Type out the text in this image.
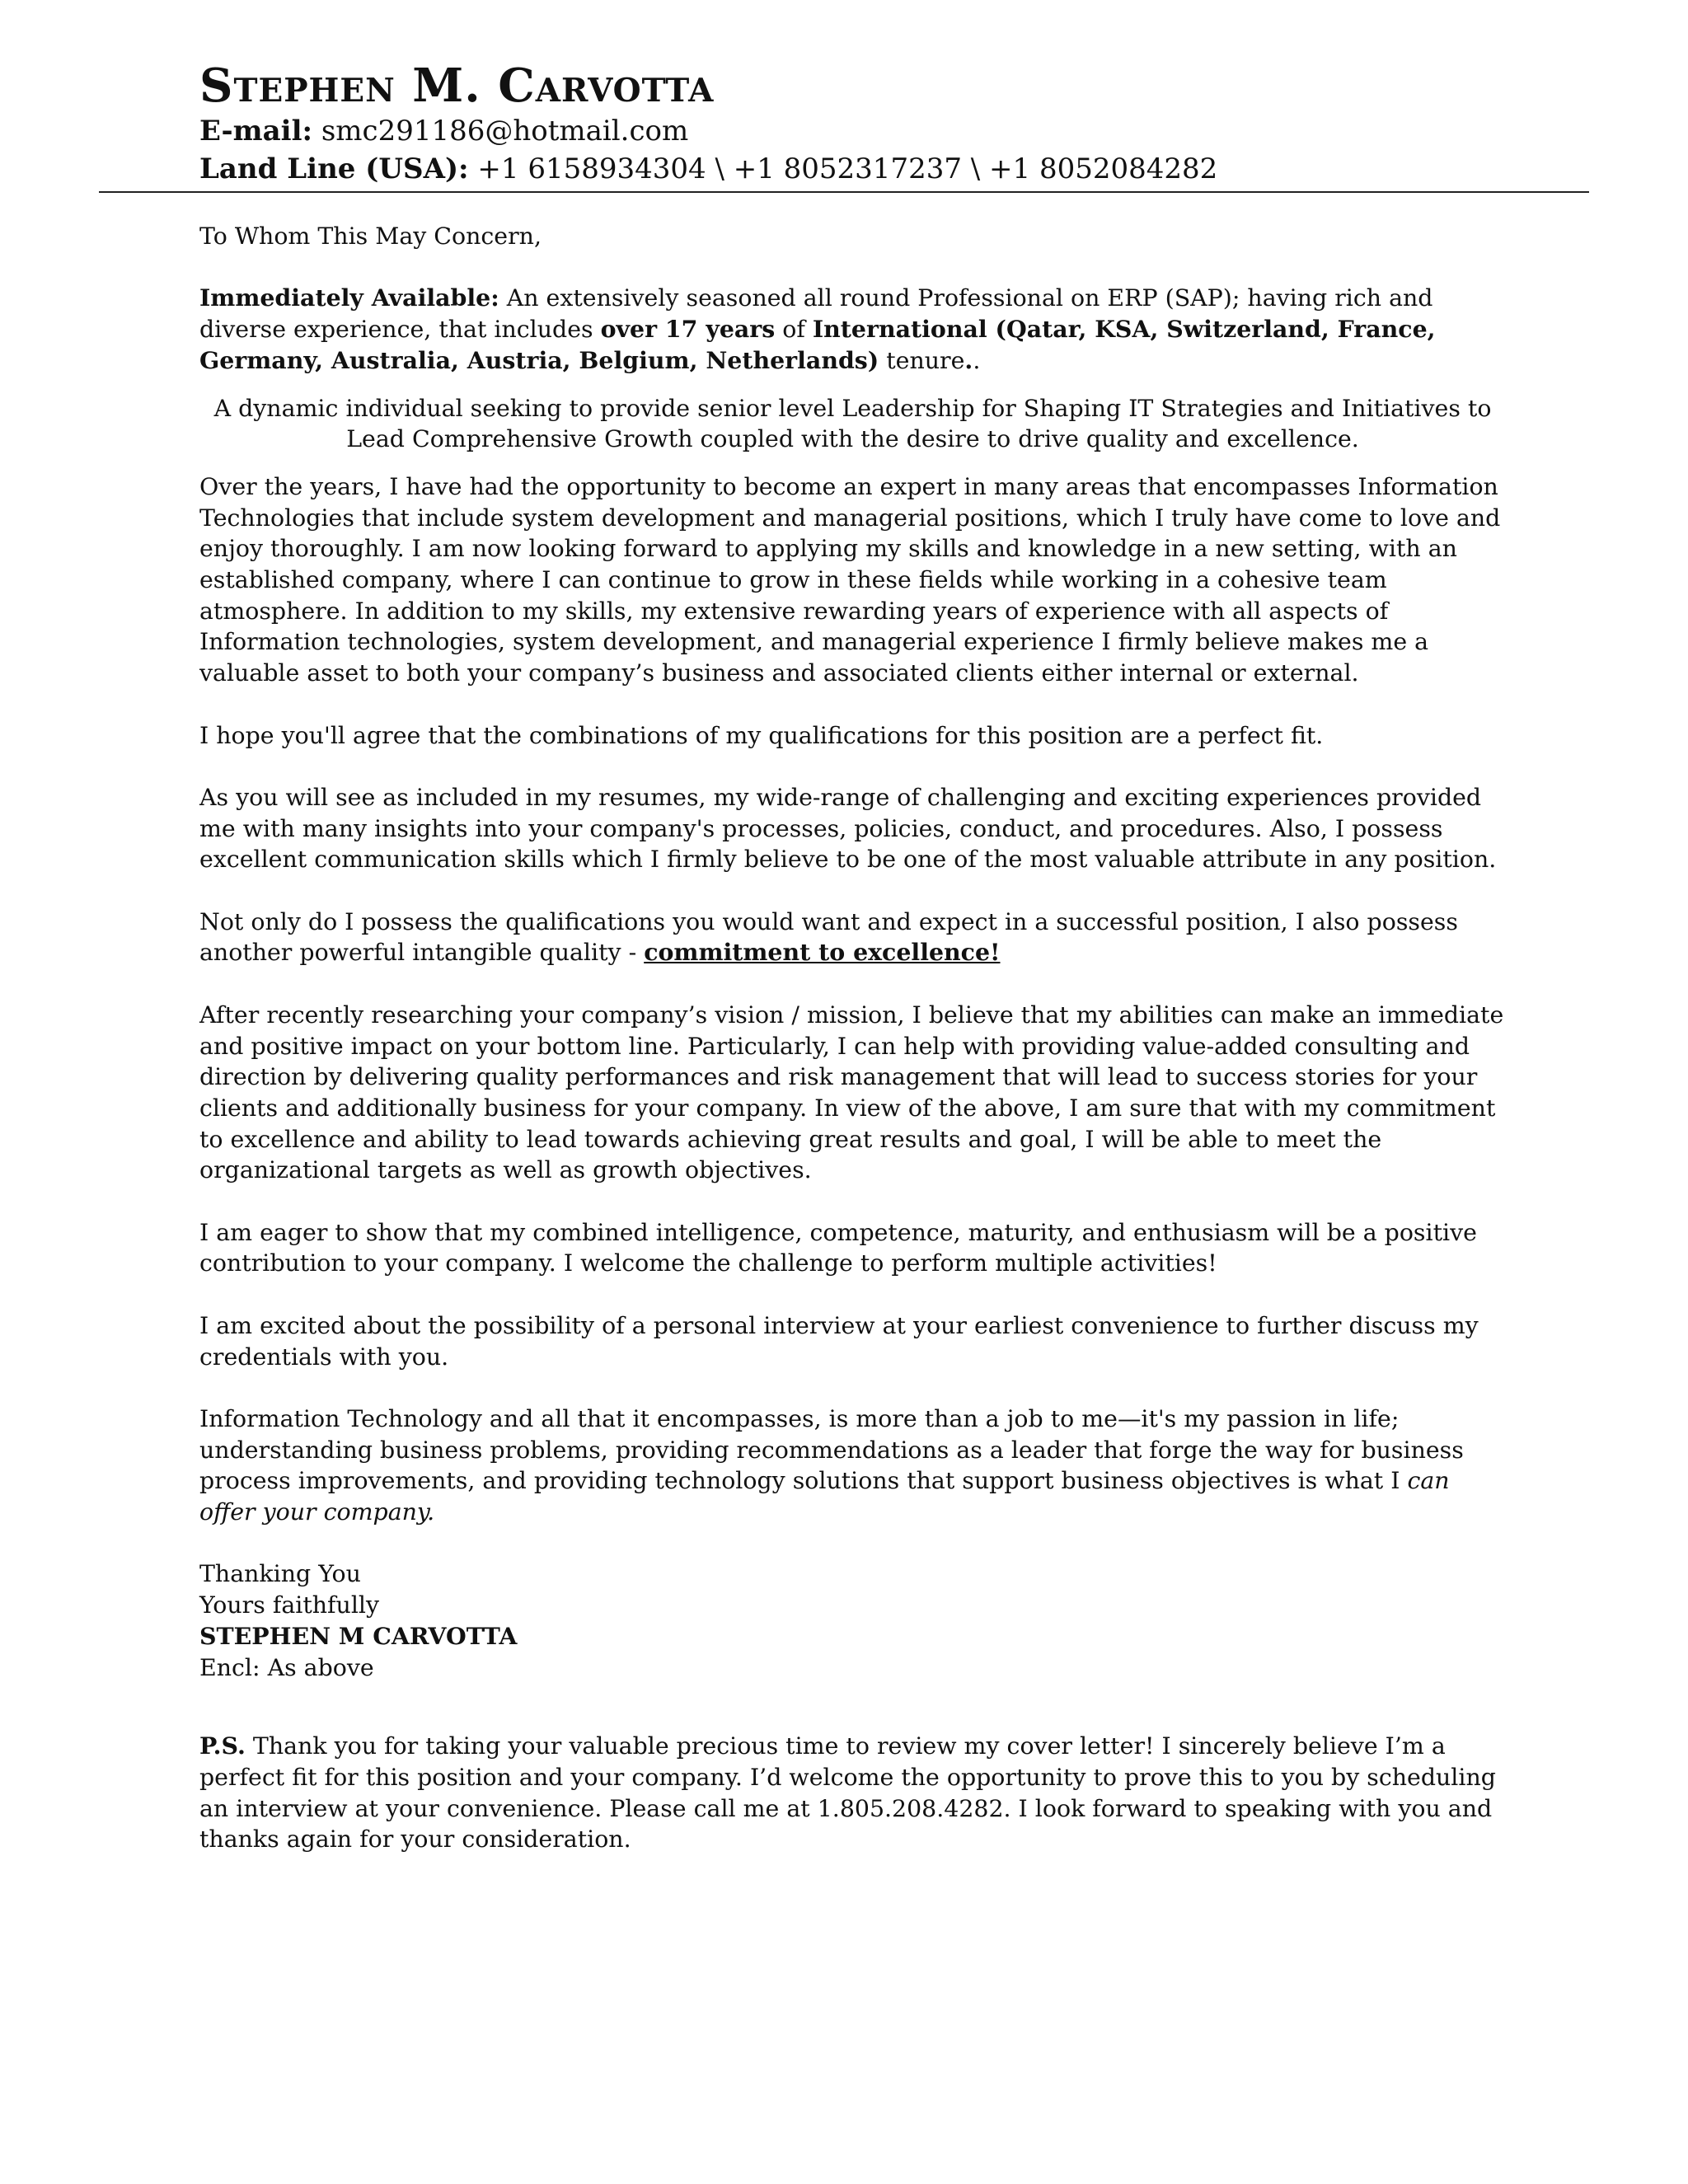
Stephen M. Carvotta

E-mail: smc291186@hotmail.com

Land Line (USA): +1 6158934304 \ +1 8052317237 \ +1 8052084282

To Whom This May Concern,

Immediately Available: An extensively seasoned all round Professional on ERP (SAP); having rich and diverse experience, that includes over 17 years of International (Qatar, KSA, Switzerland, France, Germany, Australia, Austria, Belgium, Netherlands) tenure..

A dynamic individual seeking to provide senior level Leadership for Shaping IT Strategies and Initiatives to Lead Comprehensive Growth coupled with the desire to drive quality and excellence.

Over the years, I have had the opportunity to become an expert in many areas that encompasses Information Technologies that include system development and managerial positions, which I truly have come to love and enjoy thoroughly. I am now looking forward to applying my skills and knowledge in a new setting, with an established company, where I can continue to grow in these fields while working in a cohesive team atmosphere. In addition to my skills, my extensive rewarding years of experience with all aspects of Information technologies, system development, and managerial experience I firmly believe makes me a valuable asset to both your company’s business and associated clients either internal or external.

I hope you'll agree that the combinations of my qualifications for this position are a perfect fit.

As you will see as included in my resumes, my wide-range of challenging and exciting experiences provided me with many insights into your company's processes, policies, conduct, and procedures. Also, I possess excellent communication skills which I firmly believe to be one of the most valuable attribute in any position.

Not only do I possess the qualifications you would want and expect in a successful position, I also possess another powerful intangible quality - commitment to excellence!

After recently researching your company’s vision / mission, I believe that my abilities can make an immediate and positive impact on your bottom line. Particularly, I can help with providing value-added consulting and direction by delivering quality performances and risk management that will lead to success stories for your clients and additionally business for your company. In view of the above, I am sure that with my commitment to excellence and ability to lead towards achieving great results and goal, I will be able to meet the organizational targets as well as growth objectives.

I am eager to show that my combined intelligence, competence, maturity, and enthusiasm will be a positive contribution to your company. I welcome the challenge to perform multiple activities!

I am excited about the possibility of a personal interview at your earliest convenience to further discuss my credentials with you.

Information Technology and all that it encompasses, is more than a job to me—it's my passion in life; understanding business problems, providing recommendations as a leader that forge the way for business process improvements, and providing technology solutions that support business objectives is what I can offer your company.

Thanking You

Yours faithfully

STEPHEN M CARVOTTA

Encl: As above

P.S. Thank you for taking your valuable precious time to review my cover letter! I sincerely believe I’m a perfect fit for this position and your company. I’d welcome the opportunity to prove this to you by scheduling an interview at your convenience. Please call me at 1.805.208.4282. I look forward to speaking with you and thanks again for your consideration.
